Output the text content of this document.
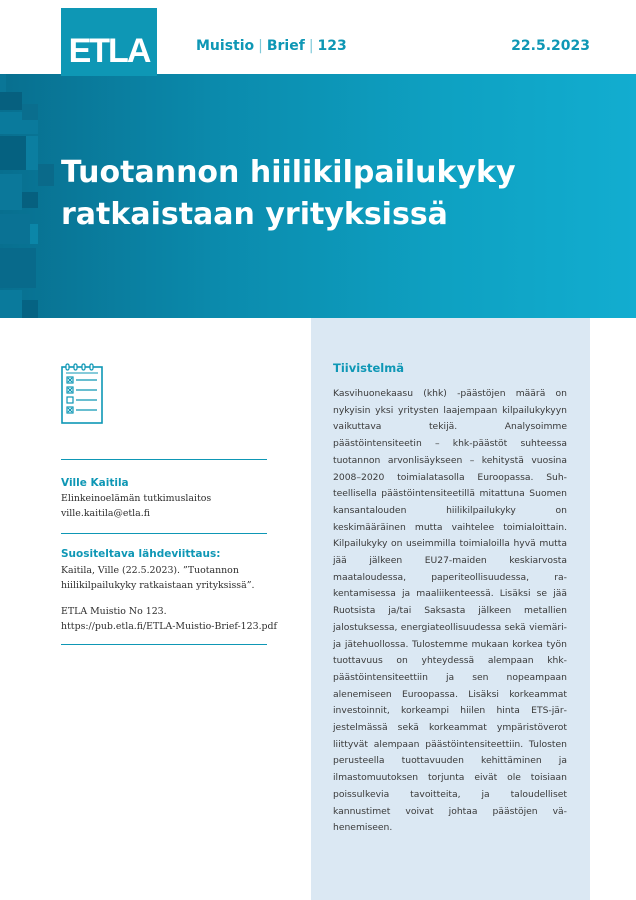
ETLA	Muistio | Brief | 123	22.5.2023
Tuotannon hiilikilpailukyky
ratkaistaan yrityksissä
Tiivistelmä

Kasvihuonekaasu (khk) -päästöjen määrä on nykyisin yksi yritysten laajempaan kilpailukykyyn vaikuttava tekijä. Analysoimme päästöintensiteetin – khk-päästöt suhteessa tuotannon arvonlisäykseen – kehitystä vuosina 2008–2020 toimialatasolla Euroopassa. Suhteellisella päästöintensiteetillä mitattuna Suomen kansantalouden hiilikilpailukyky on keskimääräinen mutta vaihtelee toimialoittain. Kilpailukyky on useimmilla toimialoilla hyvä mutta jää jälkeen EU27-maiden keskiarvosta maataloudessa, paperiteollisuudessa, rakentamisessa ja maaliikenteessä. Lisäksi se jää Ruotsista ja/tai Saksasta jälkeen metallien jalostuksessa, energiateollisuudessa sekä viemäri- ja jätehuollossa. Tulostemme mukaan korkea työn tuottavuus on yhteydessä alempaan khk-päästöintensiteettiin ja sen nopeampaan alenemiseen Euroopassa. Lisäksi korkeammat investoinnit, korkeampi hiilen hinta ETS-järjestelmässä sekä korkeammat ympäristöverot liittyvät alempaan päästöintensiteettiin. Tulosten perusteella tuottavuuden kehittäminen ja ilmastomuutoksen torjunta eivät ole toisiaan poissulkevia tavoitteita, ja taloudelliset kannustimet voivat johtaa päästöjen vähenemiseen.

Ville Kaitila

Elinkeinoelämän tutkimuslaitos

ville.kaitila@etla.fi

Suositeltava lähdeviittaus:

Kaitila, Ville (22.5.2023). ”Tuotannon
hiilikilpailukyky ratkaistaan yrityksissä”.

ETLA Muistio No 123.

https://pub.etla.fi/ETLA-Muistio-Brief-123.pdf
